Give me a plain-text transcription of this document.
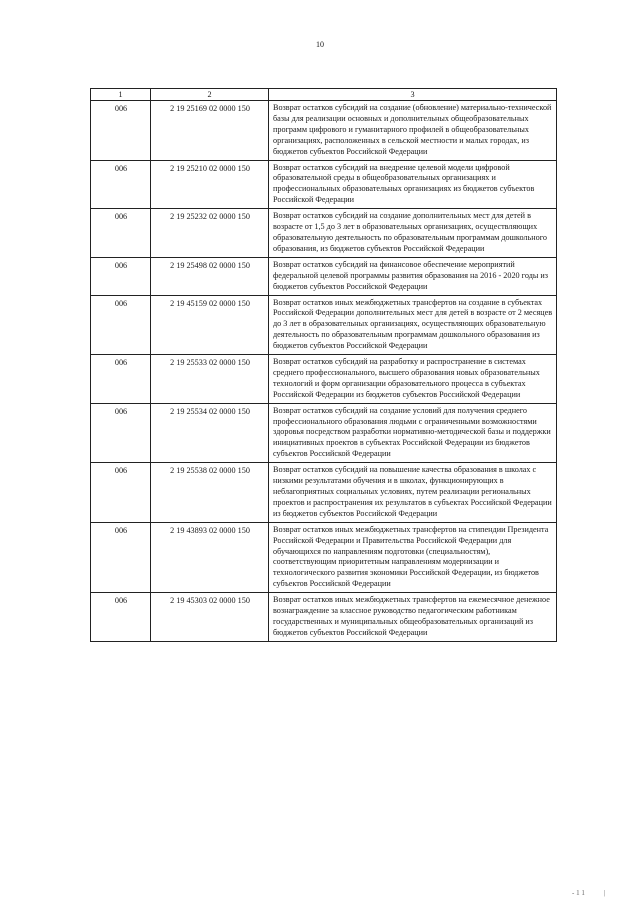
10
1	2	3
006	2 19 25169 02 0000 150	Возврат остатков субсидий на создание (обновление) материально-технической базы для реализации основных и дополнительных общеобразовательных программ цифрового и гуманитарного профилей в общеобразовательных организациях, расположенных в сельской местности и малых городах, из бюджетов субъектов Российской Федерации
006	2 19 25210 02 0000 150	Возврат остатков субсидий на внедрение целевой модели цифровой образовательной среды в общеобразовательных организациях и профессиональных образовательных организациях из бюджетов субъектов Российской Федерации
006	2 19 25232 02 0000 150	Возврат остатков субсидий на создание дополнительных мест для детей в возрасте от 1,5 до 3 лет в образовательных организациях, осуществляющих образовательную деятельность по образовательным программам дошкольного образования, из бюджетов субъектов Российской Федерации
006	2 19 25498 02 0000 150	Возврат остатков субсидий на финансовое обеспечение мероприятий федеральной целевой программы развития образования на 2016 - 2020 годы из бюджетов субъектов Российской Федерации
006	2 19 45159 02 0000 150	Возврат остатков иных межбюджетных трансфертов на создание в субъектах Российской Федерации дополнительных мест для детей в возрасте от 2 месяцев до 3 лет в образовательных организациях, осуществляющих образовательную деятельность по образовательным программам дошкольного образования из бюджетов субъектов Российской Федерации
006	2 19 25533 02 0000 150	Возврат остатков субсидий на разработку и распространение в системах среднего профессионального, высшего образования новых образовательных технологий и форм организации образовательного процесса в субъектах Российской Федерации из бюджетов субъектов Российской Федерации
006	2 19 25534 02 0000 150	Возврат остатков субсидий на создание условий для получения среднего профессионального образования людьми с ограниченными возможностями здоровья посредством разработки нормативно-методической базы и поддержки инициативных проектов в субъектах Российской Федерации из бюджетов субъектов Российской Федерации
006	2 19 25538 02 0000 150	Возврат остатков субсидий на повышение качества образования в школах с низкими результатами обучения и в школах, функционирующих в неблагоприятных социальных условиях, путем реализации региональных проектов и распространения их результатов в субъектах Российской Федерации из бюджетов субъектов Российской Федерации
006	2 19 43893 02 0000 150	Возврат остатков иных межбюджетных трансфертов на стипендии Президента Российской Федерации и Правительства Российской Федерации для обучающихся по направлениям подготовки (специальностям), соответствующим приоритетным направлениям модернизации и технологического развития экономики Российской Федерации, из бюджетов субъектов Российской Федерации
006	2 19 45303 02 0000 150	Возврат остатков иных межбюджетных трансфертов на ежемесячное денежное вознаграждение за классное руководство педагогическим работникам государственных и муниципальных общеобразовательных организаций из бюджетов субъектов Российской Федерации
- 1 1	|
